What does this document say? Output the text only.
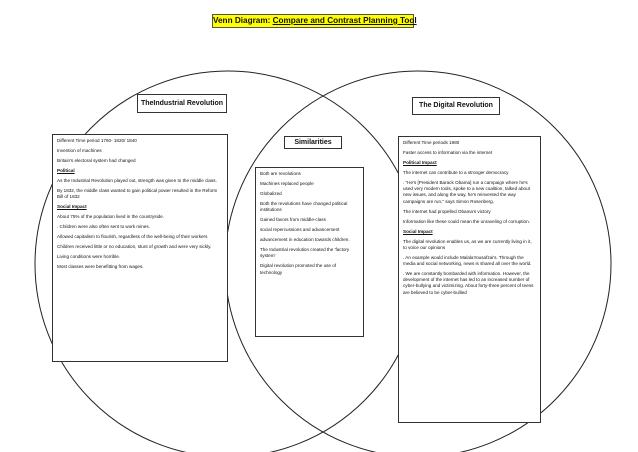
Venn Diagram: Compare and Contrast Planning Tool
TheIndustrial Revolution
Similarities
The Digital Revolution

Different Time period 1760- 1820/ 1840

Invention of machines

Britain's electoral system had changed

Political

As the Industrial Revolution played out, strength was given to the middle class.

By 1832, the middle class wanted to gain political power resulted in the Reform Bill of 1832

Social Impact

About 75% of the population lived in the countryside.

. Children were also often sent to work mines.

Allowed capitalism to flourish, regardless of the well-being of their workers

Children received little or no education, stunt of growth and were very sickly.

Living conditions were horrible.

Most classes were benefitting from wages.

Both are revolutions

Machines replaced people

Globalized

Both the revolutions have changed political institutions

Gained favors from middle-class

social repercussions and advancement

advancement in education towards children.

The Industrial revolution created the 'factory system'

Digital revolution promoted the use of technology

Different Time periods 1980

Faster access to information via the internet

Political Impact

The internet can contribute to a stronger democracy

. "He's [President Barack Obama] run a campaign where he's used very modern tools, spoke to a new coalition, talked about new issues, and along the way, he's reinvented the way campaigns are run," says Simon Rosenberg.

The internet had propelled Obama's victory

Information like these could mean the unraveling of corruption.

Social Impact

The digital revolution enables us, as we are currently living in it, to voice our opinions

. An example would include MalalaYousafzai's. Through the media and social networking, news is shared all over the world.

. We are constantly bombarded with information. However, the development of the internet has led to an increased number of cyber-bullying and victimizing. About forty-three percent of teens are believed to be cyber-bullied
